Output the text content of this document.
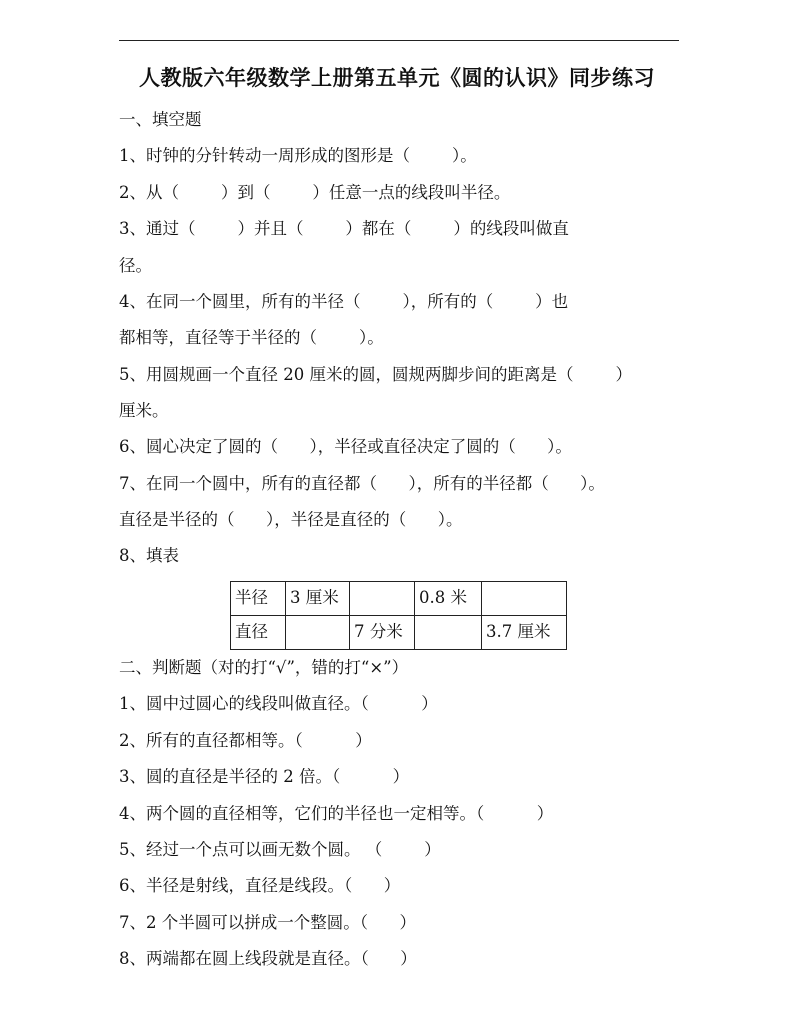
人教版六年级数学上册第五单元《圆的认识》同步练习
一、填空题
1、时钟的分针转动一周形成的图形是（        ）。
2、从（        ）到（        ）任意一点的线段叫半径。
3、通过（        ）并且（        ）都在（        ）的线段叫做直
径。
4、在同一个圆里，所有的半径（        ），所有的（        ）也
都相等，直径等于半径的（        ）。
5、用圆规画一个直径 20 厘米的圆，圆规两脚步间的距离是（        ）
厘米。
6、圆心决定了圆的（      ），半径或直径决定了圆的（      ）。
7、在同一个圆中，所有的直径都（      ），所有的半径都（      ）。
直径是半径的（      ），半径是直径的（      ）。
8、填表
半径	3 厘米		0.8 米	
直径		7 分米		3.7 厘米
二、判断题（对的打“√”，错的打“×”）
1、圆中过圆心的线段叫做直径。（          ）
2、所有的直径都相等。（          ）
3、圆的直径是半径的 2 倍。（          ）
4、两个圆的直径相等，它们的半径也一定相等。（          ）
5、经过一个点可以画无数个圆。 （        ）
6、半径是射线，直径是线段。（      ）
7、2 个半圆可以拼成一个整圆。（      ）
8、两端都在圆上线段就是直径。（      ）
